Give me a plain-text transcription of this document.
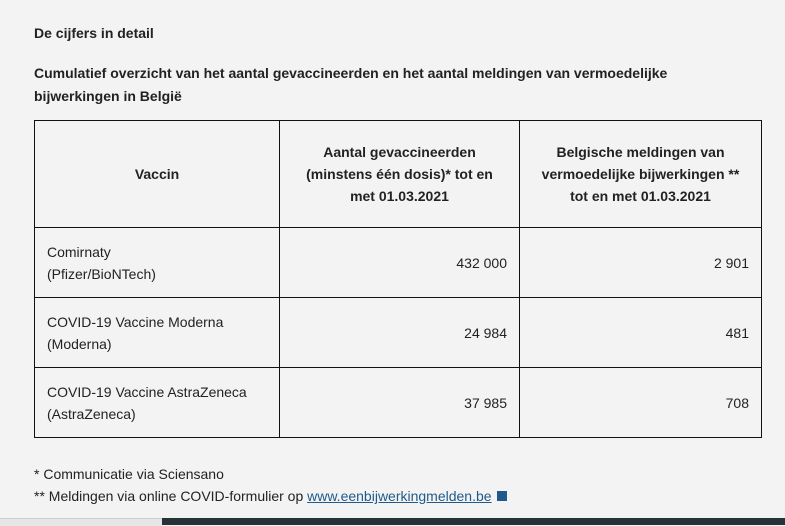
De cijfers in detail
Cumulatief overzicht van het aantal gevaccineerden en het aantal meldingen van vermoedelijke bijwerkingen in België
Vaccin	Aantal gevaccineerden (minstens één dosis)* tot en met 01.03.2021	Belgische meldingen van vermoedelijke bijwerkingen ** tot en met 01.03.2021
Comirnaty
(Pfizer/BioNTech)	432 000	2 901
COVID-19 Vaccine Moderna
(Moderna)	24 984	481
COVID-19 Vaccine AstraZeneca
(AstraZeneca)	37 985	708
* Communicatie via Sciensano
** Meldingen via online COVID-formulier op www.eenbijwerkingmelden.be
